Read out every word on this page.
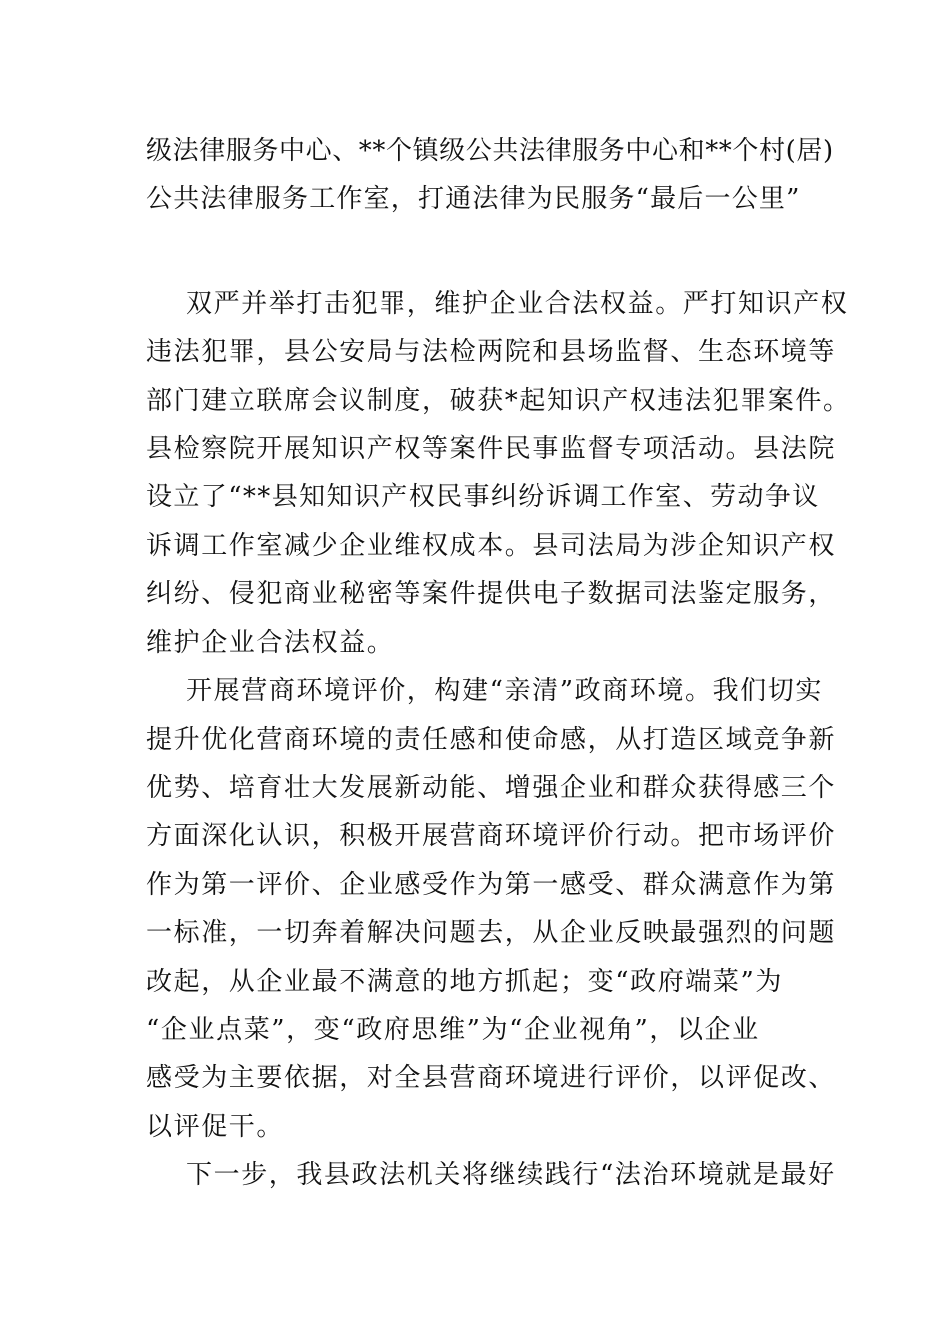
级法律服务中心、**个镇级公共法律服务中心和**个村(居)
公共法律服务工作室，打通法律为民服务“最后一公里”
双严并举打击犯罪，维护企业合法权益。严打知识产权
违法犯罪，县公安局与法检两院和县场监督、生态环境等
部门建立联席会议制度，破获*起知识产权违法犯罪案件。
县检察院开展知识产权等案件民事监督专项活动。县法院
设立了“**县知知识产权民事纠纷诉调工作室、劳动争议
诉调工作室减少企业维权成本。县司法局为涉企知识产权
纠纷、侵犯商业秘密等案件提供电子数据司法鉴定服务，
维护企业合法权益。
开展营商环境评价，构建“亲清”政商环境。我们切实
提升优化营商环境的责任感和使命感，从打造区域竞争新
优势、培育壮大发展新动能、增强企业和群众获得感三个
方面深化认识，积极开展营商环境评价行动。把市场评价
作为第一评价、企业感受作为第一感受、群众满意作为第
一标准，一切奔着解决问题去，从企业反映最强烈的问题
改起，从企业最不满意的地方抓起；变“政府端菜”为
“企业点菜”，变“政府思维”为“企业视角”，以企业
感受为主要依据，对全县营商环境进行评价，以评促改、
以评促干。
下一步，我县政法机关将继续践行“法治环境就是最好
